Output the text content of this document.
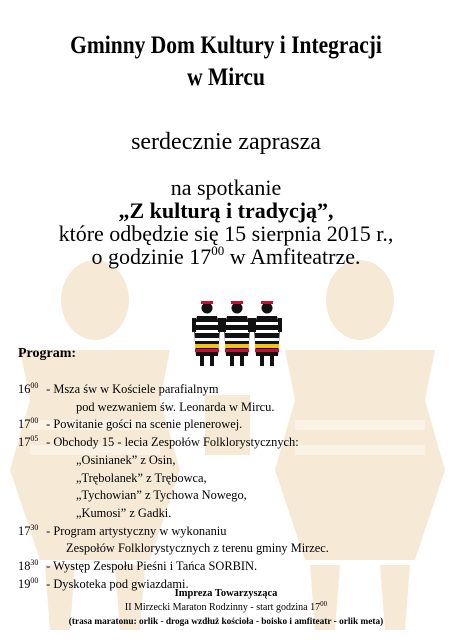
Gminny Dom Kultury i Integracji
w Mircu
serdecznie zaprasza
na spotkanie
„Z kulturą i tradycją”,
które odbędzie się 15 sierpnia 2015 r.,
o godzinie $17^{00}$ w Amfiteatrze.
Program:
$16^{00}$ - Msza św w Kościele parafialnym
pod wezwaniem św. Leonarda w Mircu.
$17^{00}$ - Powitanie gości na scenie plenerowej.
$17^{05}$ - Obchody 15 - lecia Zespołów Folklorystycznych:
„Osinianek” z Osin,
„Trębolanek” z Trębowca,
„Tychowian” z Tychowa Nowego,
„Kumosi” z Gadki.
$17^{30}$ - Program artystyczny w wykonaniu
Zespołów Folklorystycznych z terenu gminy Mirzec.
$18^{30}$ - Występ Zespołu Pieśni i Tańca SORBIN.
$19^{00}$ - Dyskoteka pod gwiazdami.
Impreza Towarzysząca
II Mirzecki Maraton Rodzinny - start godzina $17^{00}$
(trasa maratonu: orlik - droga wzdłuż kościoła - boisko i amfiteatr - orlik meta)
